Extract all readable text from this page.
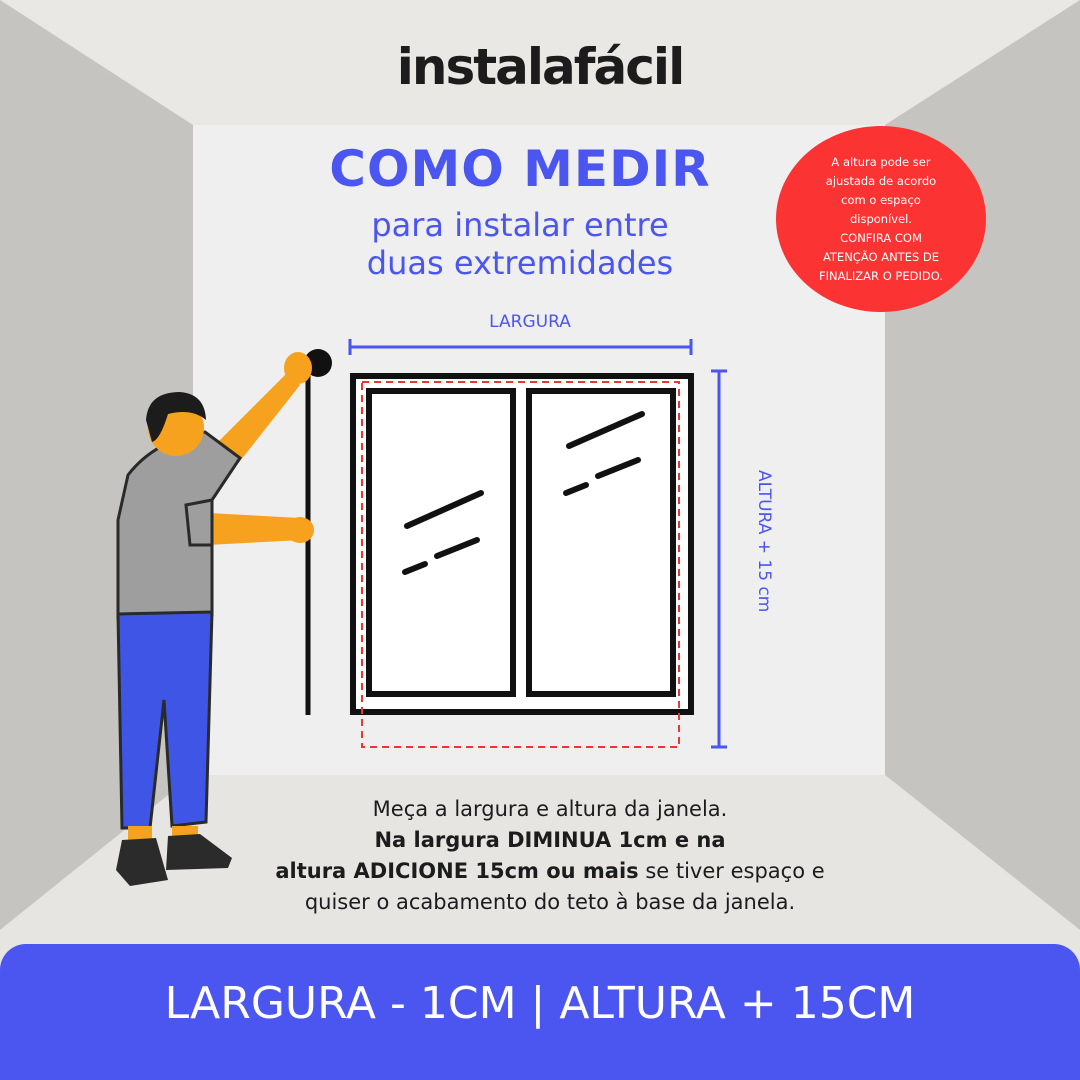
instalafácil
COMO MEDIR
para instalar entre
duas extremidades
LARGURA
ALTURA + 15 cm
A altura pode ser
ajustada de acordo
com o espaço
disponível.
CONFIRA COM
ATENÇÃO ANTES DE
FINALIZAR O PEDIDO.
Meça a largura e altura da janela.
Na largura DIMINUA 1cm e na
altura ADICIONE 15cm ou mais se tiver espaço e
quiser o acabamento do teto à base da janela.
LARGURA - 1CM | ALTURA + 15CM
